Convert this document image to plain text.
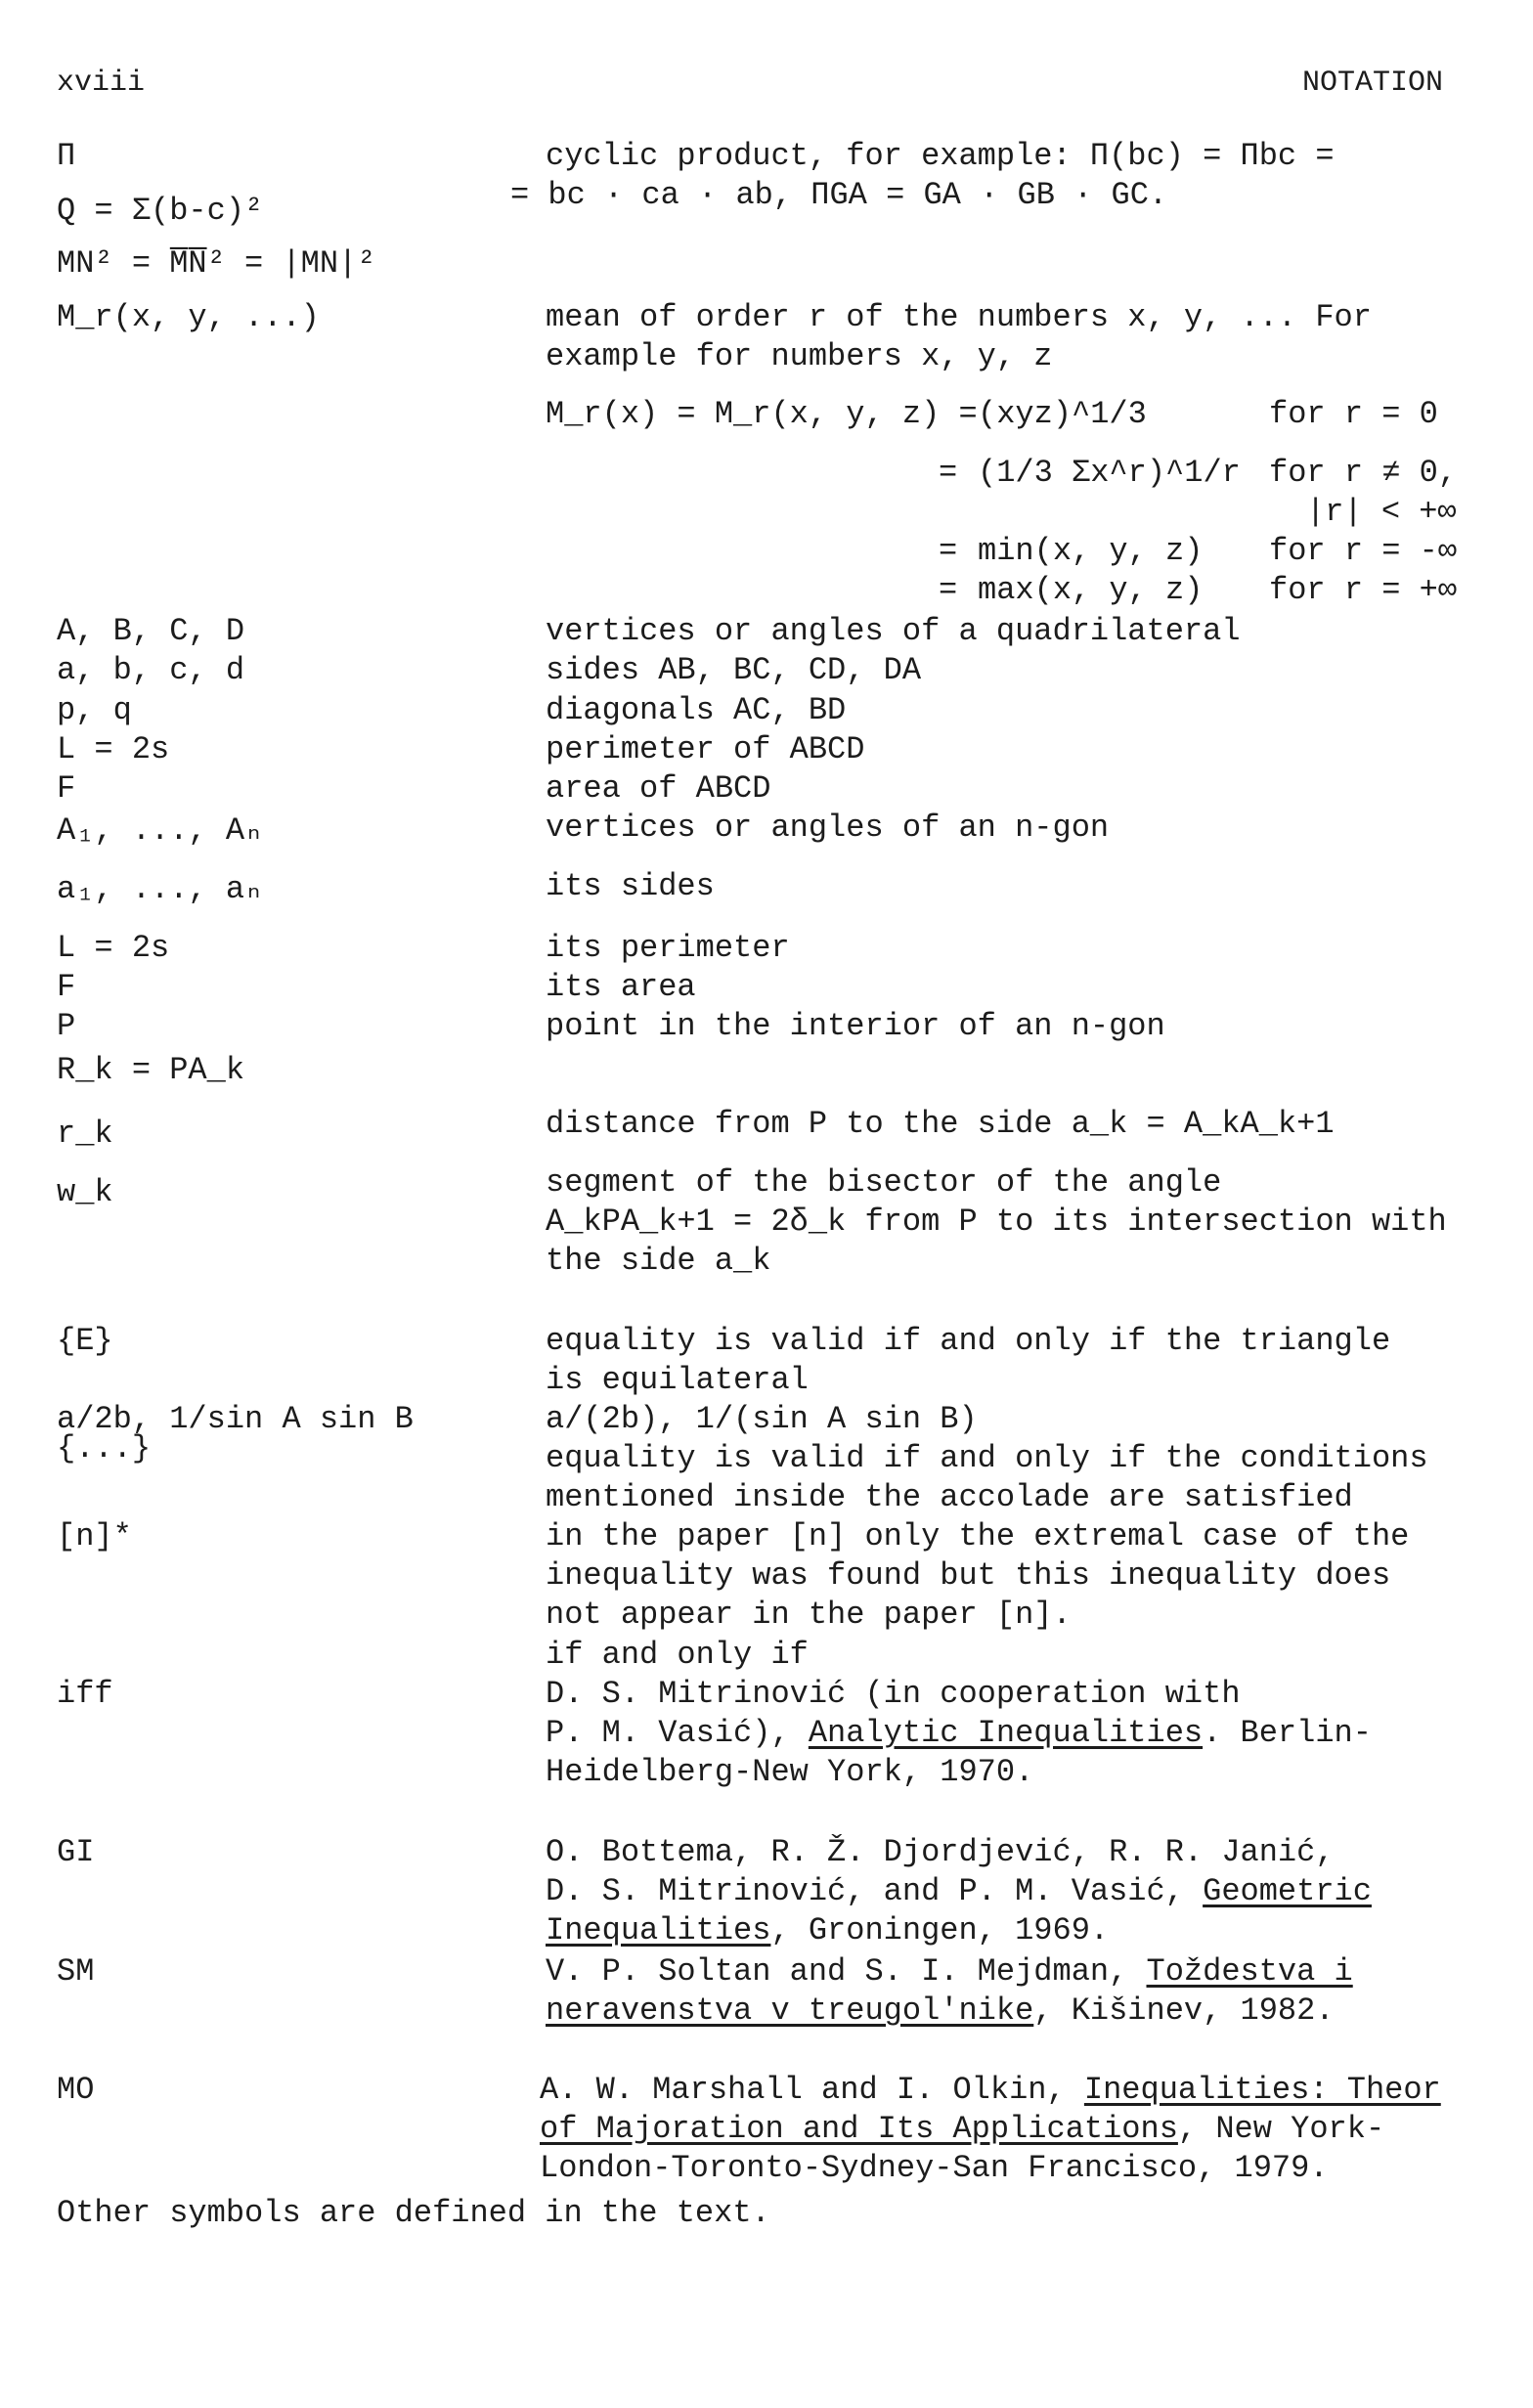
xviii	NOTATION
Π
Q = Σ(b-c)²
MN² = M̅N̅² = |MN|²
M_r(x, y, ...)
A, B, C, D
a, b, c, d
p, q
L = 2s
F
A₁, ..., Aₙ
a₁, ..., aₙ
L = 2s
F
P
R_k = PA_k
r_k
w_k
{E}
a/2b, 1/sin A sin B
{...}
[n]*
iff
GI
SM
MO
cyclic product, for example: Π(bc) = Πbc =
= bc · ca · ab, ΠGA = GA · GB · GC.
mean of order r of the numbers x, y, ... For
example for numbers x, y, z
M_r(x) = M_r(x, y, z) = (xyz)^1/3	for r = 0
= (1/3 Σx^r)^1/r for r ≠ 0,
|r| < +∞
= min(x, y, z) for r = -∞
= max(x, y, z) for r = +∞
vertices or angles of a quadrilateral
sides AB, BC, CD, DA
diagonals AC, BD
perimeter of ABCD
area of ABCD
vertices or angles of an n-gon
its sides
its perimeter
its area
point in the interior of an n-gon
distance from P to the side a_k = A_kA_k+1
segment of the bisector of the angle
A_kPA_k+1 = 2δ_k from P to its intersection with
the side a_k
equality is valid if and only if the triangle
is equilateral
a/(2b), 1/(sin A sin B)
equality is valid if and only if the conditions
mentioned inside the accolade are satisfied
in the paper [n] only the extremal case of the
inequality was found but this inequality does
not appear in the paper [n].
if and only if
D. S. Mitrinović (in cooperation with
P. M. Vasić), Analytic Inequalities. Berlin-
Heidelberg-New York, 1970.
O. Bottema, R. Ž. Djordjević, R. R. Janić,
D. S. Mitrinović, and P. M. Vasić, Geometric
Inequalities, Groningen, 1969.
V. P. Soltan and S. I. Mejdman, Toždestva i
neravenstva v treugol'nike, Kišinev, 1982.
A. W. Marshall and I. Olkin, Inequalities: Theor
of Majoration and Its Applications, New York-
London-Toronto-Sydney-San Francisco, 1979.
Other symbols are defined in the text.
